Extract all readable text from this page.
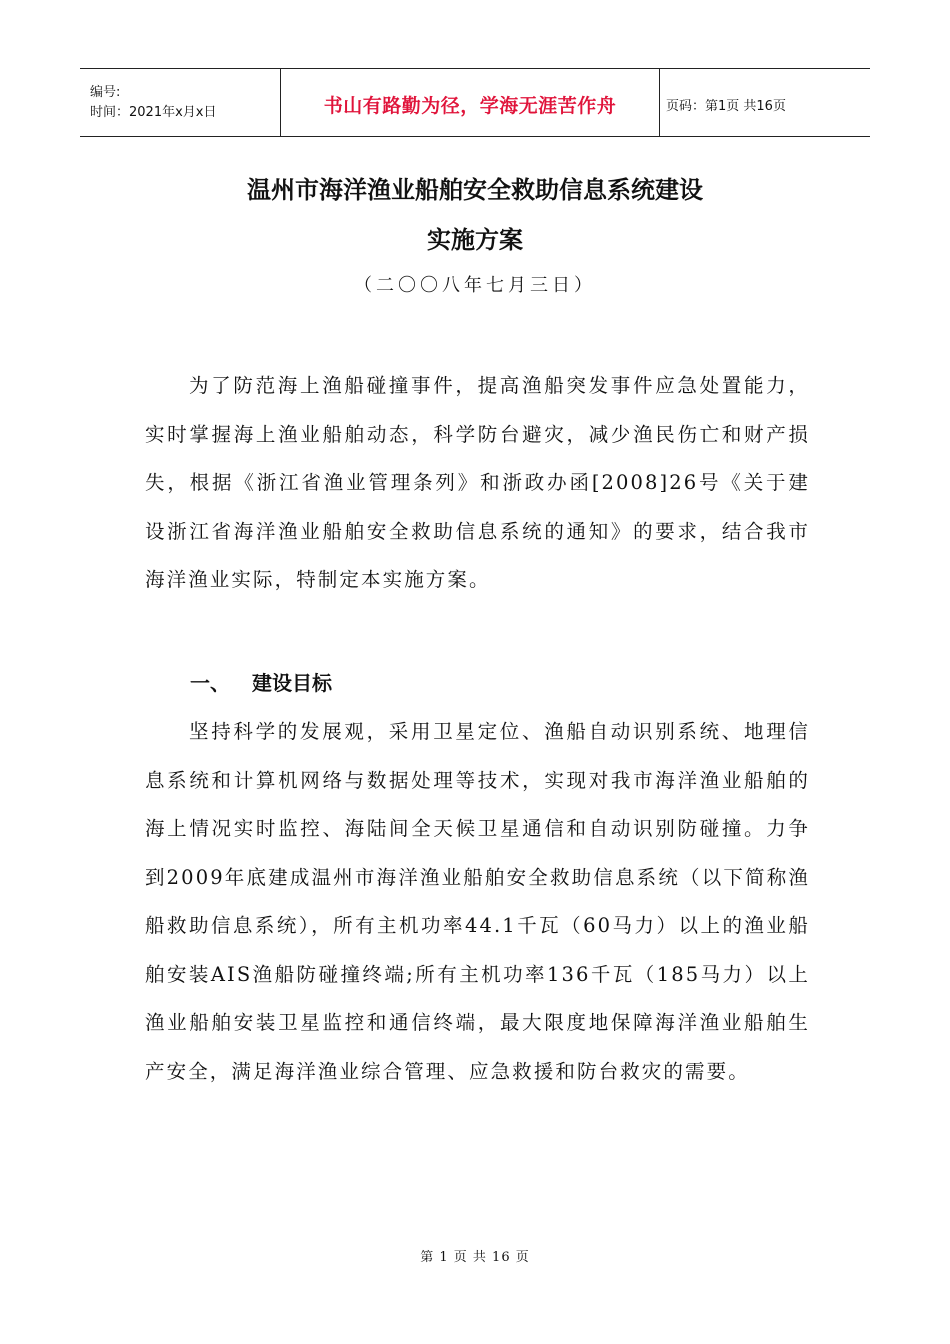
编号:
时间：2021年x月x日	书山有路勤为径，学海无涯苦作舟	页码：第1页 共16页
温州市海洋渔业船舶安全救助信息系统建设
实施方案
（二〇〇八年七月三日）
为了防范海上渔船碰撞事件，提高渔船突发事件应急处置能力，实时掌握海上渔业船舶动态，科学防台避灾，减少渔民伤亡和财产损失，根据《浙江省渔业管理条列》和浙政办函[2008]26号《关于建设浙江省海洋渔业船舶安全救助信息系统的通知》的要求，结合我市海洋渔业实际，特制定本实施方案。
一、 建设目标
坚持科学的发展观，采用卫星定位、渔船自动识别系统、地理信息系统和计算机网络与数据处理等技术，实现对我市海洋渔业船舶的海上情况实时监控、海陆间全天候卫星通信和自动识别防碰撞。力争到2009年底建成温州市海洋渔业船舶安全救助信息系统（以下简称渔船救助信息系统），所有主机功率44.1千瓦（60马力）以上的渔业船舶安装AIS渔船防碰撞终端;所有主机功率136千瓦（185马力）以上渔业船舶安装卫星监控和通信终端，最大限度地保障海洋渔业船舶生产安全，满足海洋渔业综合管理、应急救援和防台救灾的需要。
第 1 页 共 16 页
